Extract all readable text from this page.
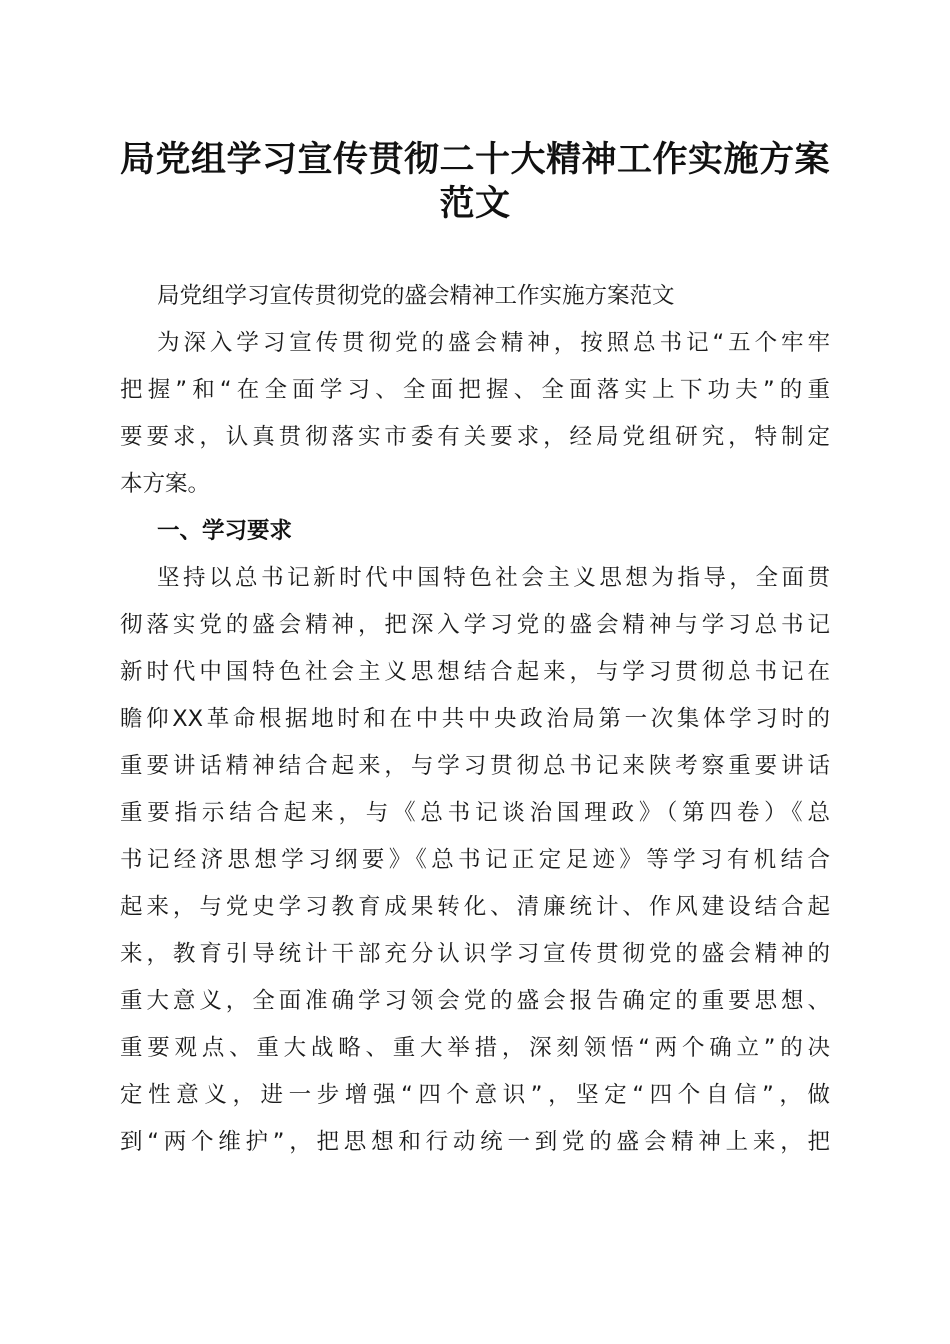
局党组学习宣传贯彻二十大精神工作实施方案
范文
局党组学习宣传贯彻党的盛会精神工作实施方案范文
为深入学习宣传贯彻党的盛会精神，按照总书记“五个牢牢
把握”和“在全面学习、全面把握、全面落实上下功夫”的重
要要求，认真贯彻落实市委有关要求，经局党组研究，特制定
本方案。
一、学习要求
坚持以总书记新时代中国特色社会主义思想为指导，全面贯
彻落实党的盛会精神，把深入学习党的盛会精神与学习总书记
新时代中国特色社会主义思想结合起来，与学习贯彻总书记在
瞻仰XX革命根据地时和在中共中央政治局第一次集体学习时的
重要讲话精神结合起来，与学习贯彻总书记来陕考察重要讲话
重要指示结合起来，与《总书记谈治国理政》（第四卷）《总
书记经济思想学习纲要》《总书记正定足迹》等学习有机结合
起来，与党史学习教育成果转化、清廉统计、作风建设结合起
来，教育引导统计干部充分认识学习宣传贯彻党的盛会精神的
重大意义，全面准确学习领会党的盛会报告确定的重要思想、
重要观点、重大战略、重大举措，深刻领悟“两个确立”的决
定性意义，进一步增强“四个意识”，坚定“四个自信”，做
到“两个维护”，把思想和行动统一到党的盛会精神上来，把
